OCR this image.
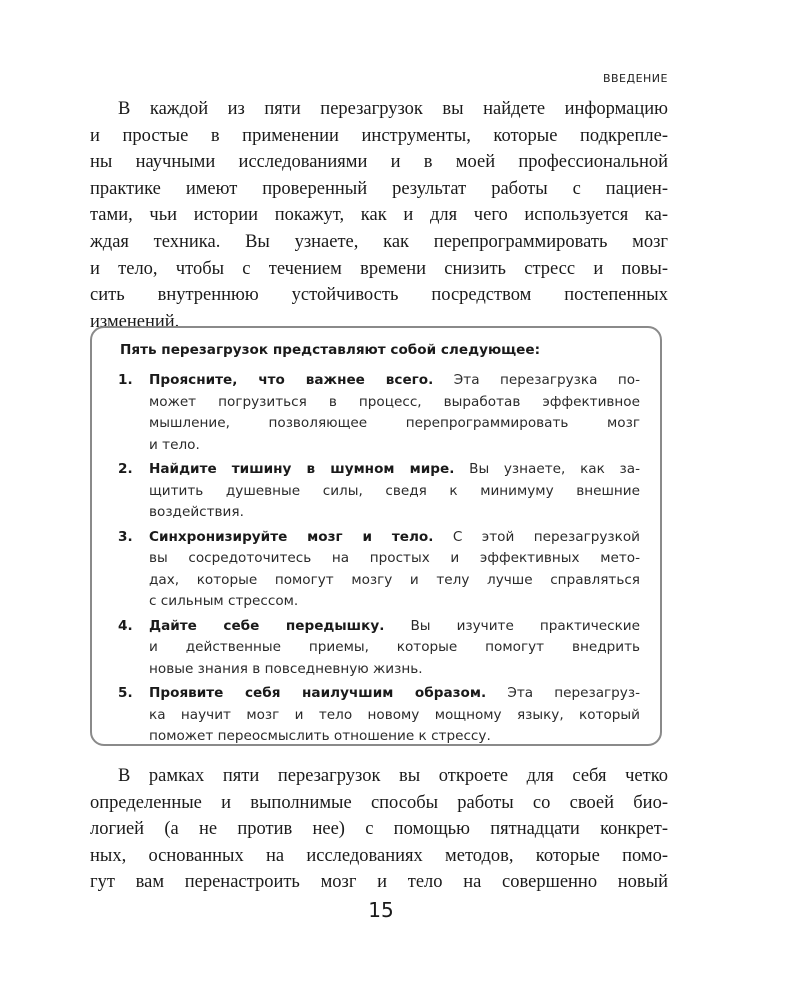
ВВЕДЕНИЕ
В каждой из пяти перезагрузок вы найдете информацию
и простые в применении инструменты, которые подкрепле-
ны научными исследованиями и в моей профессиональной
практике имеют проверенный результат работы с пациен-
тами, чьи истории покажут, как и для чего используется ка-
ждая техника. Вы узнаете, как перепрограммировать мозг
и тело, чтобы с течением времени снизить стресс и повы-
сить внутреннюю устойчивость посредством постепенных
изменений.
Пять перезагрузок представляют собой следующее:
1. Проясните, что важнее всего. Эта перезагрузка по-
может погрузиться в процесс, выработав эффективное
мышление, позволяющее перепрограммировать мозг
и тело.
2. Найдите тишину в шумном мире. Вы узнаете, как за-
щитить душевные силы, сведя к минимуму внешние
воздействия.
3. Синхронизируйте мозг и тело. С этой перезагрузкой
вы сосредоточитесь на простых и эффективных мето-
дах, которые помогут мозгу и телу лучше справляться
с сильным стрессом.
4. Дайте себе передышку. Вы изучите практические
и действенные приемы, которые помогут внедрить
новые знания в повседневную жизнь.
5. Проявите себя наилучшим образом. Эта перезагруз-
ка научит мозг и тело новому мощному языку, который
поможет переосмыслить отношение к стрессу.
В рамках пяти перезагрузок вы откроете для себя четко
определенные и выполнимые способы работы со своей био-
логией (а не против нее) с помощью пятнадцати конкрет-
ных, основанных на исследованиях методов, которые помо-
гут вам перенастроить мозг и тело на совершенно новый
15
